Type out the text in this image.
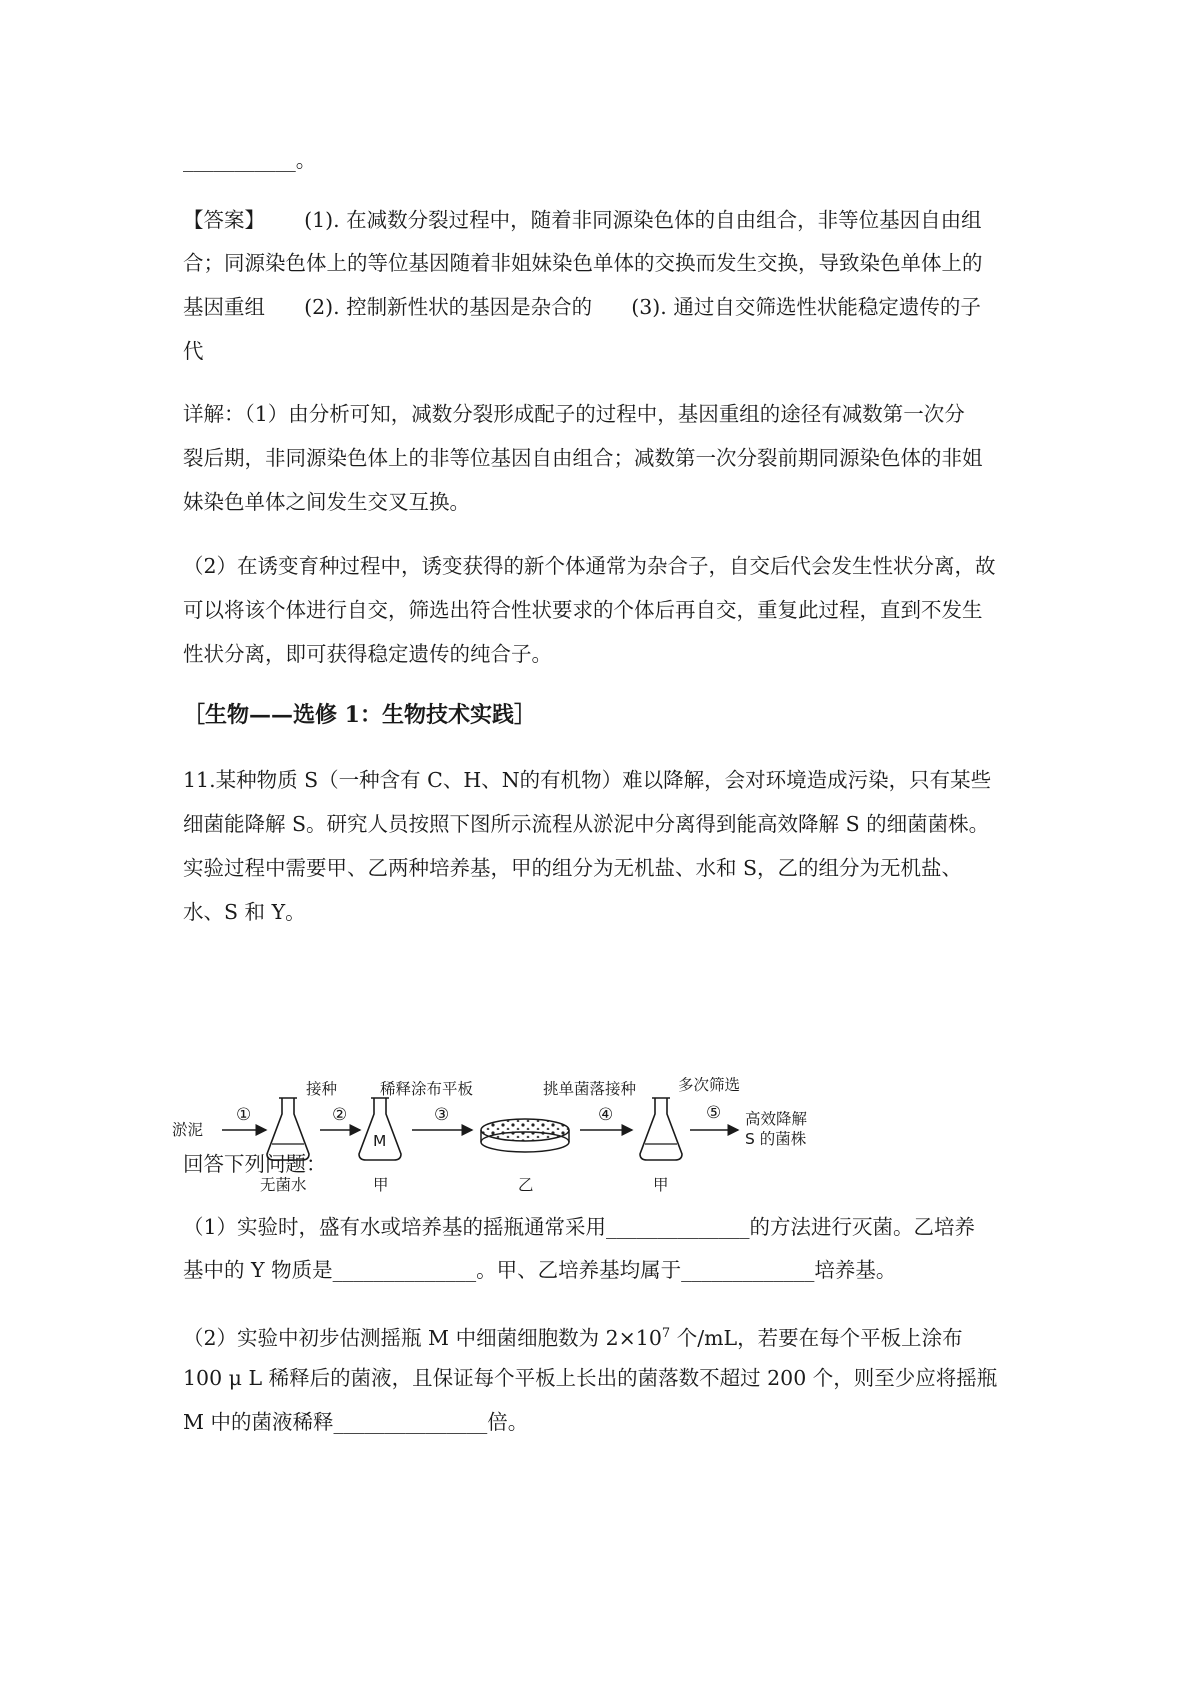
___________。
【答案】      (1). 在减数分裂过程中，随着非同源染色体的自由组合，非等位基因自由组
合；同源染色体上的等位基因随着非姐妹染色单体的交换而发生交换，导致染色单体上的
基因重组      (2). 控制新性状的基因是杂合的      (3). 通过自交筛选性状能稳定遗传的子
代
详解：（1）由分析可知，减数分裂形成配子的过程中，基因重组的途径有减数第一次分
裂后期，非同源染色体上的非等位基因自由组合；减数第一次分裂前期同源染色体的非姐
妹染色单体之间发生交叉互换。
（2）在诱变育种过程中，诱变获得的新个体通常为杂合子，自交后代会发生性状分离，故
可以将该个体进行自交，筛选出符合性状要求的个体后再自交，重复此过程，直到不发生
性状分离，即可获得稳定遗传的纯合子。
［生物——选修 1：生物技术实践］
11.某种物质 S（一种含有 C、H、N的有机物）难以降解，会对环境造成污染，只有某些
细菌能降解 S。研究人员按照下图所示流程从淤泥中分离得到能高效降解 S 的细菌菌株。
实验过程中需要甲、乙两种培养基，甲的组分为无机盐、水和 S，乙的组分为无机盐、
水、S 和 Y。
淤泥
①
无菌水
接种
②
M
甲
稀释涂布平板
③
乙
挑单菌落接种
④
甲
多次筛选
⑤ 高效降解
S 的菌株
回答下列问题：
（1）实验时，盛有水或培养基的摇瓶通常采用______________的方法进行灭菌。乙培养
基中的 Y 物质是______________。甲、乙培养基均属于_____________培养基。
（2）实验中初步估测摇瓶 M 中细菌细胞数为 $2\times 10^7$ 个/mL，若要在每个平板上涂布
100 μ L 稀释后的菌液，且保证每个平板上长出的菌落数不超过 200 个，则至少应将摇瓶
M 中的菌液稀释_______________倍。
